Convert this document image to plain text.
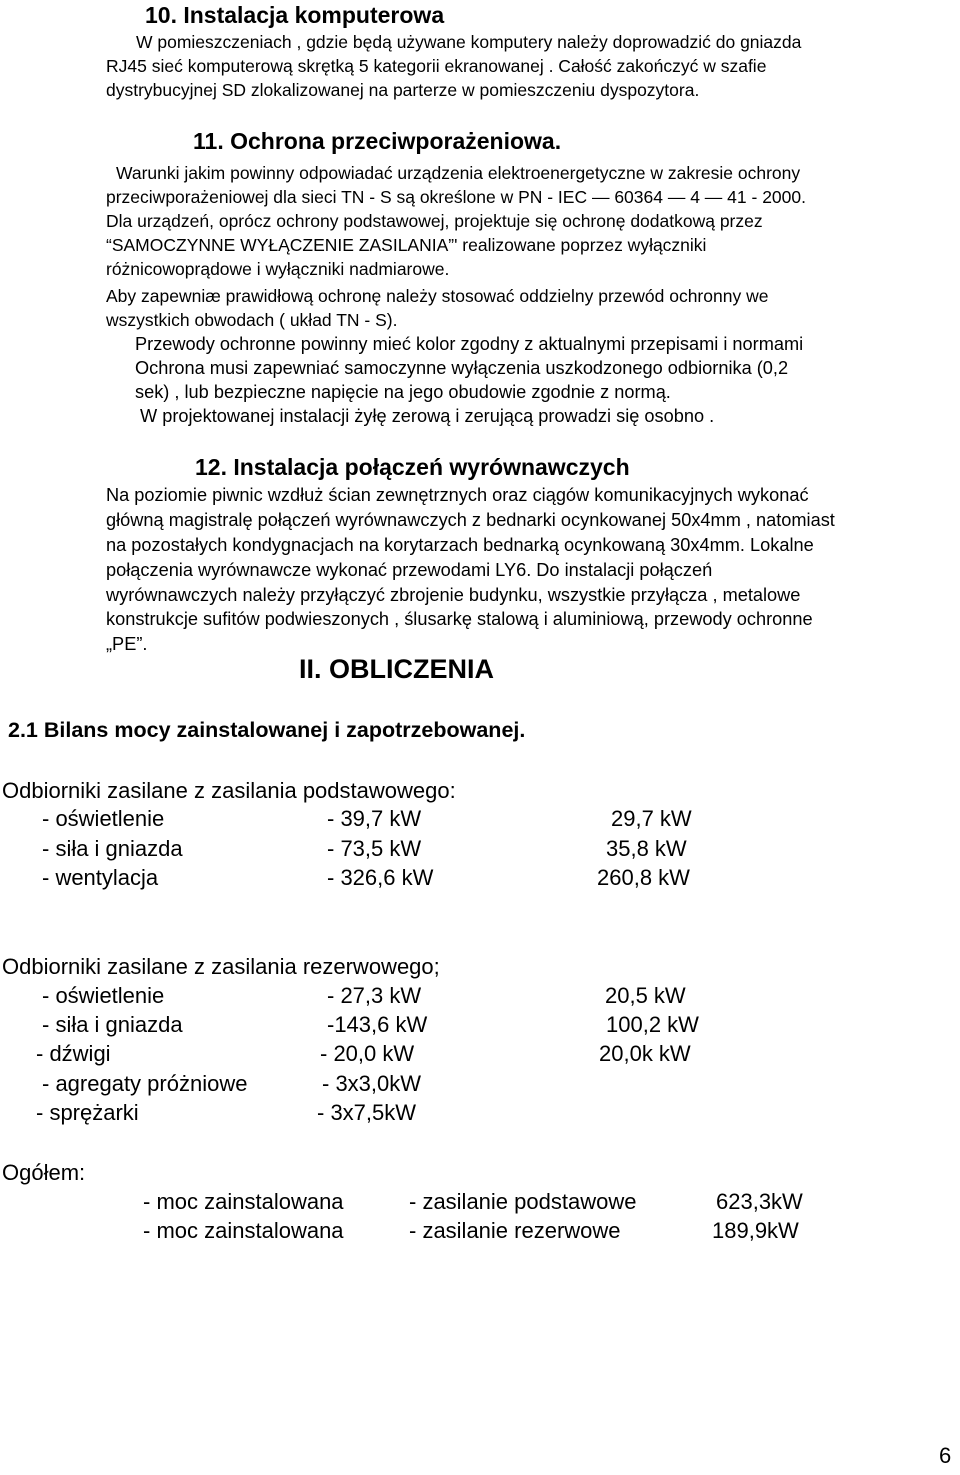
10. Instalacja komputerowa
W pomieszczeniach , gdzie będą używane komputery należy doprowadzić do gniazda
RJ45 sieć komputerową skrętką 5 kategorii ekranowanej . Całość zakończyć w szafie
dystrybucyjnej SD zlokalizowanej na parterze w pomieszczeniu dyspozytora.
11. Ochrona przeciwporażeniowa.
Warunki jakim powinny odpowiadać urządzenia elektroenergetyczne w zakresie ochrony
przeciwporażeniowej dla sieci TN - S są określone w PN - IEC — 60364 — 4 — 41 - 2000.
Dla urządzeń, oprócz ochrony podstawowej, projektuje się ochronę dodatkową przez
“SAMOCZYNNE WYŁĄCZENIE ZASILANIA”' realizowane poprzez wyłączniki
różnicowoprądowe i wyłączniki nadmiarowe.
Aby zapewniæ prawidłową ochronę należy stosować oddzielny przewód ochronny we
wszystkich obwodach ( układ TN - S).
Przewody ochronne powinny mieć kolor zgodny z aktualnymi przepisami i normami
Ochrona musi zapewniać samoczynne wyłączenia uszkodzonego odbiornika (0,2
sek) , lub bezpieczne napięcie na jego obudowie zgodnie z normą.
W projektowanej instalacji żyłę zerową i zerującą prowadzi się osobno .
12. Instalacja połączeń wyrównawczych
Na poziomie piwnic wzdłuż ścian zewnętrznych oraz ciągów komunikacyjnych wykonać
główną magistralę połączeń wyrównawczych z bednarki ocynkowanej 50x4mm , natomiast
na pozostałych kondygnacjach na korytarzach bednarką ocynkowaną 30x4mm. Lokalne
połączenia wyrównawcze wykonać przewodami LY6. Do instalacji połączeń
wyrównawczych należy przyłączyć zbrojenie budynku, wszystkie przyłącza , metalowe
konstrukcje sufitów podwieszonych , ślusarkę stalową i aluminiową, przewody ochronne
„PE”.
II. OBLICZENIA
2.1 Bilans mocy zainstalowanej i zapotrzebowanej.
Odbiorniki zasilane z zasilania podstawowego:
- oświetlenie	- 39,7 kW	29,7 kW
- siła i gniazda	- 73,5 kW	35,8 kW
- wentylacja	- 326,6 kW	260,8 kW
Odbiorniki zasilane z zasilania rezerwowego;
- oświetlenie	- 27,3 kW	20,5 kW
- siła i gniazda	-143,6 kW	100,2 kW
- dźwigi	- 20,0 kW	20,0k kW
- agregaty próżniowe	- 3x3,0kW
- sprężarki	- 3x7,5kW
Ogółem:
- moc zainstalowana	- zasilanie podstawowe	623,3kW
- moc zainstalowana	- zasilanie rezerwowe	189,9kW
6
